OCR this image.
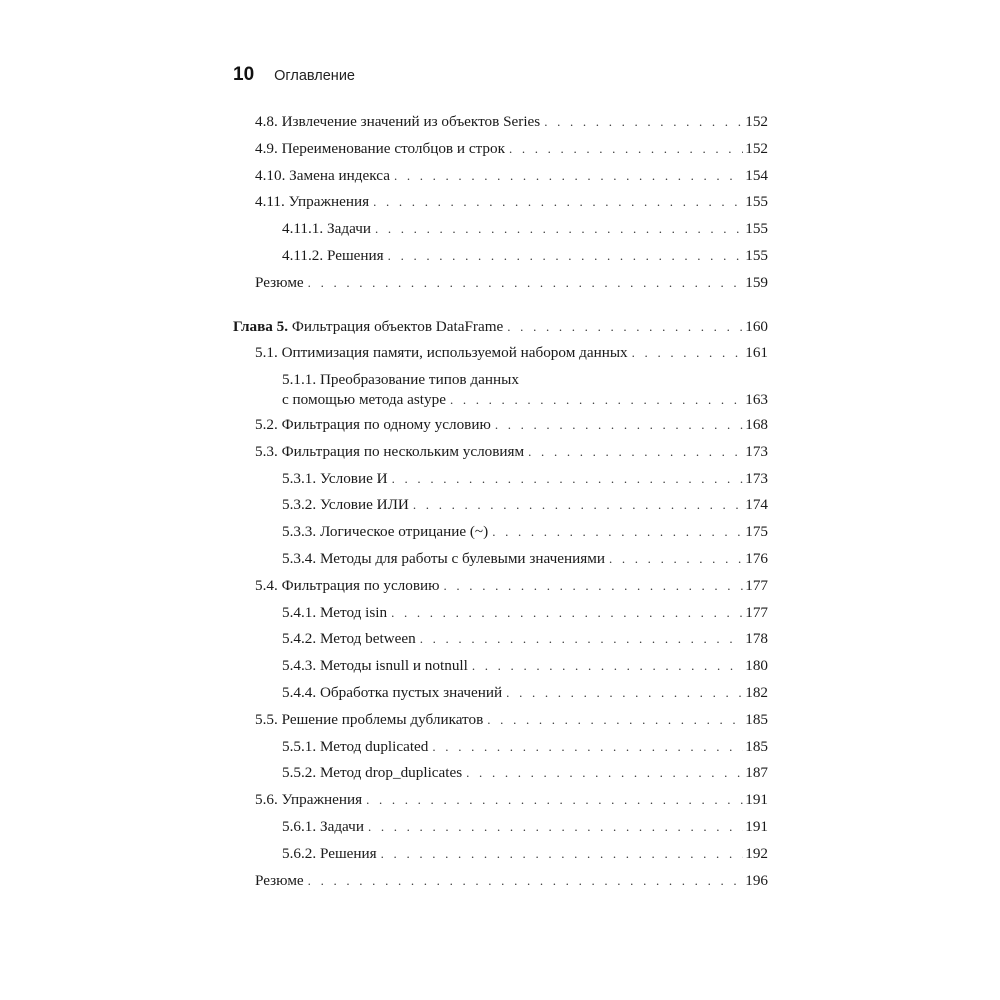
10 Оглавление
4.8. Извлечение значений из объектов Series . . .	152
4.9. Переименование столбцов и строк . . .	152
4.10. Замена индекса . . .	154
4.11. Упражнения . . .	155
4.11.1. Задачи . . .	155
4.11.2. Решения . . .	155
Резюме . . .	159
Глава 5. Фильтрация объектов DataFrame . . .	160
5.1. Оптимизация памяти, используемой набором данных . . .	161
5.1.1. Преобразование типов данных
с помощью метода astype . . .	163
5.2. Фильтрация по одному условию . . .	168
5.3. Фильтрация по нескольким условиям . . .	173
5.3.1. Условие И . . .	173
5.3.2. Условие ИЛИ . . .	174
5.3.3. Логическое отрицание (~) . . .	175
5.3.4. Методы для работы с булевыми значениями . . .	176
5.4. Фильтрация по условию . . .	177
5.4.1. Метод isin . . .	177
5.4.2. Метод between . . .	178
5.4.3. Методы isnull и notnull . . .	180
5.4.4. Обработка пустых значений . . .	182
5.5. Решение проблемы дубликатов . . .	185
5.5.1. Метод duplicated . . .	185
5.5.2. Метод drop_duplicates . . .	187
5.6. Упражнения . . .	191
5.6.1. Задачи . . .	191
5.6.2. Решения . . .	192
Резюме . . .	196
